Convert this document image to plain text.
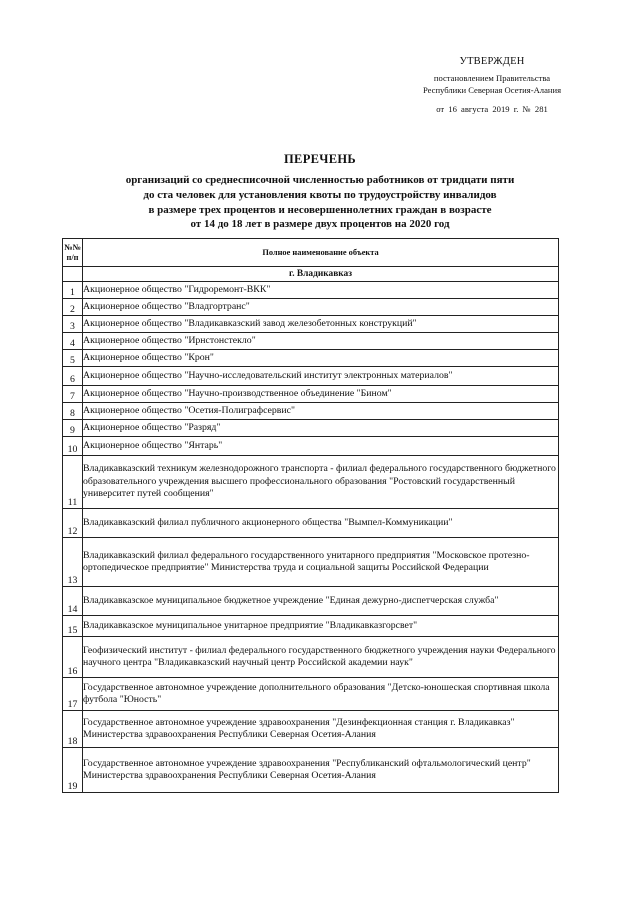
УТВЕРЖДЕН
постановлением Правительства
Республики Северная Осетия-Алания
от 16 августа 2019 г. № 281
ПЕРЕЧЕНЬ
организаций со среднесписочной численностью работников от тридцати пяти
до ста человек для установления квоты по трудоустройству инвалидов
в размере трех процентов и несовершеннолетних граждан в возрасте
от 14 до 18 лет в размере двух процентов на 2020 год
№№ п/п	Полное наименование объекта
	г. Владикавказ
1	Акционерное общество "Гидроремонт-ВКК"
2	Акционерное общество "Владгортранс"
3	Акционерное общество "Владикавказский завод железобетонных конструкций"
4	Акционерное общество "Ирнстонстекло"
5	Акционерное общество "Крон"
6	Акционерное общество "Научно-исследовательский институт электронных материалов"
7	Акционерное общество "Научно-производственное объединение "Бином"
8	Акционерное общество "Осетия-Полиграфсервис"
9	Акционерное общество "Разряд"
10	Акционерное общество "Янтарь"
11	Владикавказский техникум железнодорожного транспорта - филиал федерального государственного бюджетного образовательного учреждения высшего профессионального образования "Ростовский государственный университет путей сообщения"
12	Владикавказский филиал публичного акционерного общества "Вымпел-Коммуникации"
13	Владикавказский филиал федерального государственного унитарного предприятия "Московское протезно-ортопедическое предприятие" Министерства труда и социальной защиты Российской Федерации
14	Владикавказское муниципальное бюджетное учреждение "Единая дежурно-диспетчерская служба"
15	Владикавказское муниципальное унитарное предприятие "Владикавказгорсвет"
16	Геофизический институт - филиал федерального государственного бюджетного учреждения науки Федерального научного центра "Владикавказский научный центр Российской академии наук"
17	Государственное автономное учреждение дополнительного образования "Детско-юношеская спортивная школа футбола "Юность"
18	Государственное автономное учреждение здравоохранения "Дезинфекционная станция г. Владикавказ" Министерства здравоохранения Республики Северная Осетия-Алания
19	Государственное автономное учреждение здравоохранения "Республиканский офтальмологический центр" Министерства здравоохранения Республики Северная Осетия-Алания
